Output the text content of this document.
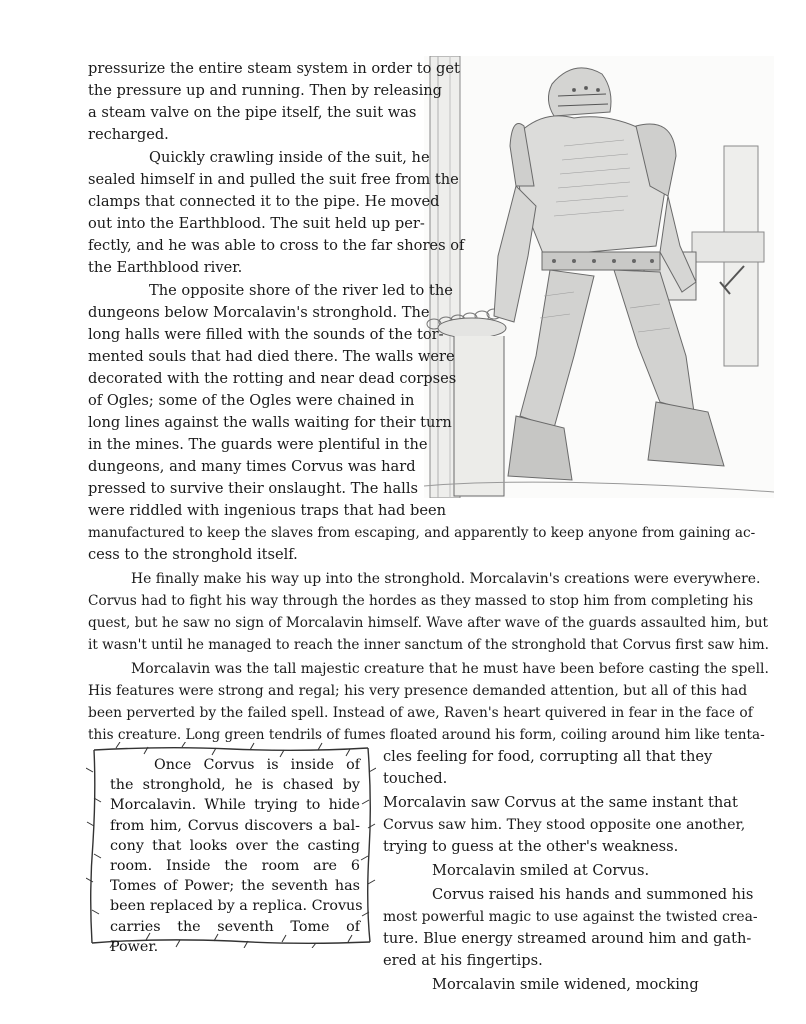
pressurize the entire steam system in order to get
the pressure up and running. Then by releasing
a steam valve on the pipe itself, the suit was
recharged.
Quickly crawling inside of the suit, he
sealed himself in and pulled the suit free from the
clamps that connected it to the pipe. He moved
out into the Earthblood. The suit held up per-
fectly, and he was able to cross to the far shores of
the Earthblood river.
The opposite shore of the river led to the
dungeons below Morcalavin's stronghold. The
long halls were filled with the sounds of the tor-
mented souls that had died there. The walls were
decorated with the rotting and near dead corpses
of Ogles; some of the Ogles were chained in
long lines against the walls waiting for their turn
in the mines. The guards were plentiful in the
dungeons, and many times Corvus was hard
pressed to survive their onslaught. The halls
were riddled with ingenious traps that had been
manufactured to keep the slaves from escaping, and apparently to keep anyone from gaining ac-
cess to the stronghold itself.
He finally make his way up into the stronghold. Morcalavin's creations were everywhere.
Corvus had to fight his way through the hordes as they massed to stop him from completing his
quest, but he saw no sign of Morcalavin himself. Wave after wave of the guards assaulted him, but
it wasn't until he managed to reach the inner sanctum of the stronghold that Corvus first saw him.
Morcalavin was the tall majestic creature that he must have been before casting the spell.
His features were strong and regal; his very presence demanded attention, but all of this had
been perverted by the failed spell. Instead of awe, Raven's heart quivered in fear in the face of
this creature. Long green tendrils of fumes floated around his form, coiling around him like tenta-
cles feeling for food, corrupting all that they
touched.
Morcalavin saw Corvus at the same instant that
Corvus saw him. They stood opposite one another,
trying to guess at the other's weakness.
Morcalavin smiled at Corvus.
Corvus raised his hands and summoned his
most powerful magic to use against the twisted crea-
ture. Blue energy streamed around him and gath-
ered at his fingertips.
Morcalavin smile widened, mocking
Once Corvus is inside of
the stronghold, he is chased by
Morcalavin. While trying to hide
from him, Corvus discovers a bal-
cony that looks over the casting
room. Inside the room are 6
Tomes of Power; the seventh has
been replaced by a replica. Crovus
carries the seventh Tome of
Power.
